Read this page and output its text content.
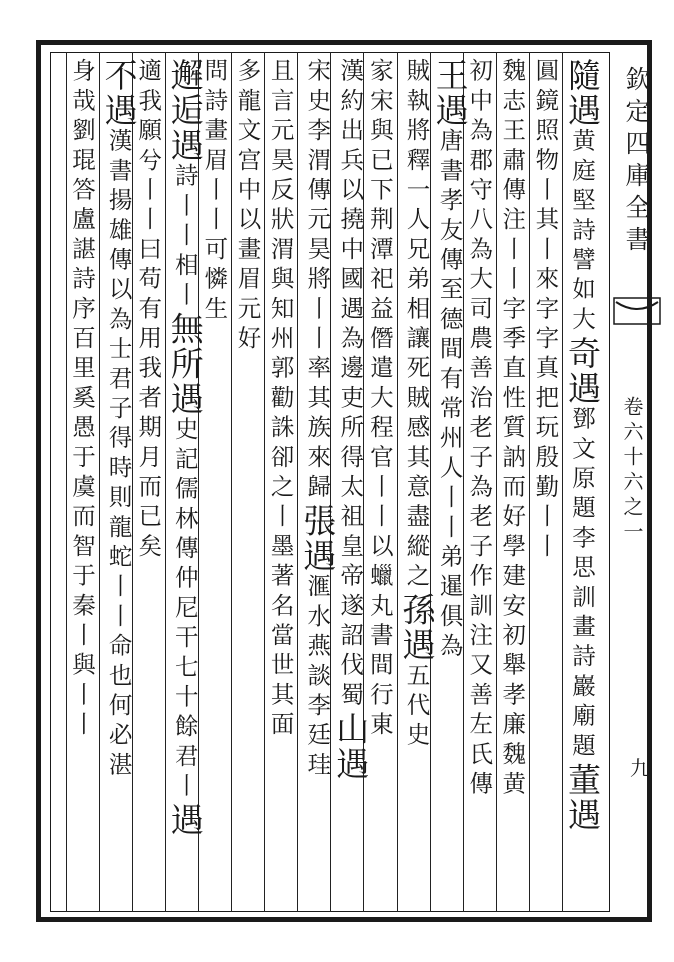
欽定四庫全書
卷六十六之一
九
隨遇黄庭堅詩譬如大奇遇鄧文原題李思訓畫詩巖廟題董遇
圓鏡照物丨其丨來字字真把玩殷勤丨丨
魏志王肅傳注丨丨字季直性質訥而好學建安初舉孝廉魏黄
初中為郡守八為大司農善治老子為老子作訓注又善左氏傳
王遇唐書孝友傳至德間有常州人丨丨弟暹俱為
賊執將釋一人兄弟相讓死賊感其意盡縱之孫遇五代史
家宋與已下荆潭祀益僭遣大程官丨丨以蠟丸書間行東
漢約出兵以撓中國遇為邊吏所得太祖皇帝遂詔伐蜀山遇
宋史李渭傳元昊將丨丨率其族來歸張遇滙水燕談李廷珪
且言元昊反狀渭與知州郭勸誅卻之丨墨著名當世其面
多龍文宫中以畫眉元好
問詩畫眉丨丨可憐生
邂逅遇詩丨丨相丨無所遇史記儒林傳仲尼干七十餘君丨遇
適我願兮丨丨曰苟有用我者期月而已矣
不遇漢書揚雄傳以為士君子得時則龍蛇丨丨命也何必湛
身哉劉琨答盧諶詩序百里奚愚于虞而智于秦丨與丨丨
